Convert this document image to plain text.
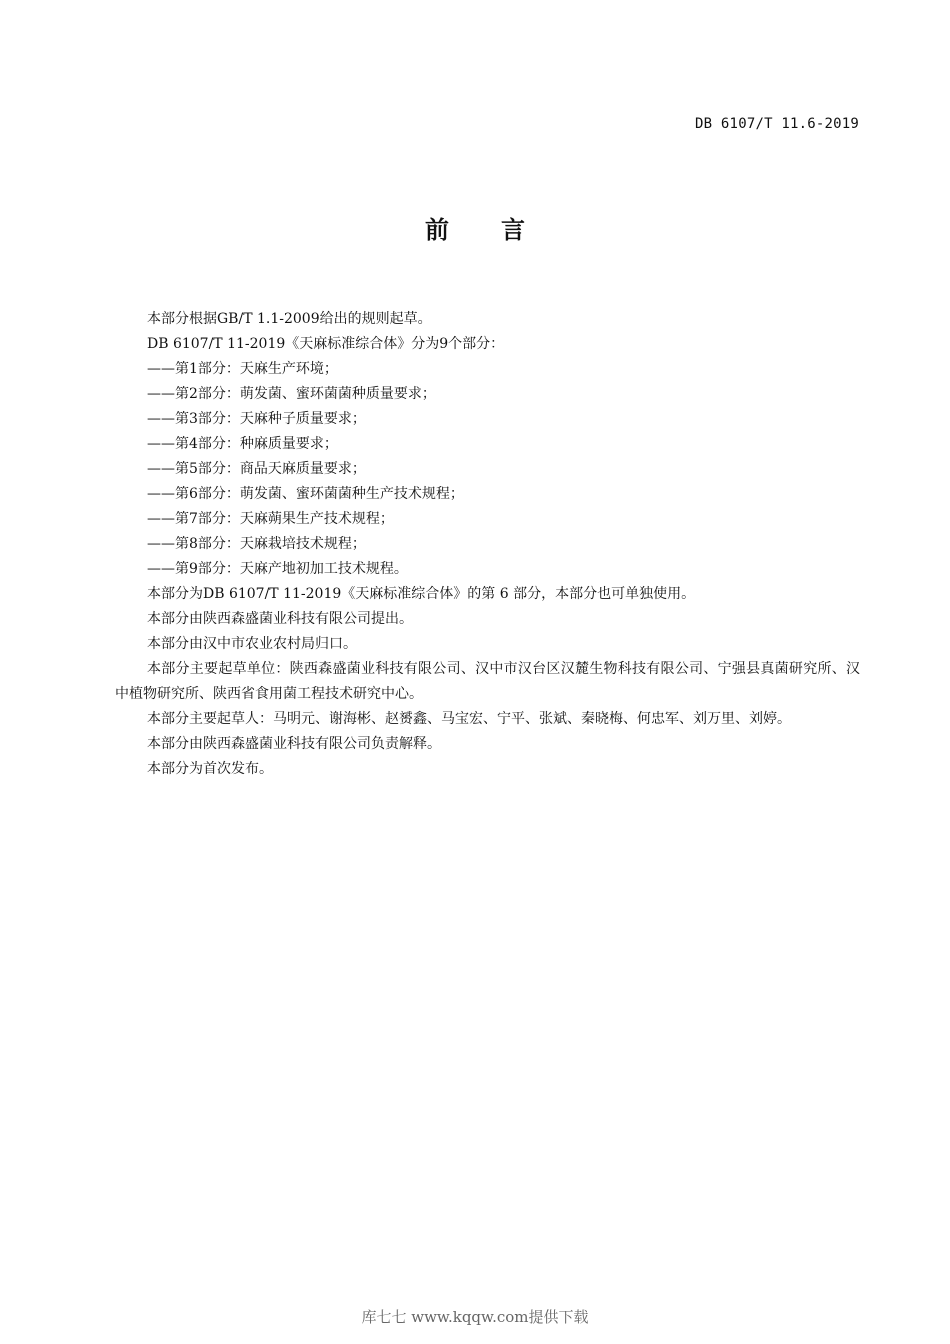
DB 6107/T 11.6-2019
前言

本部分根据GB/T 1.1-2009给出的规则起草。

DB 6107/T 11-2019《天麻标准综合体》分为9个部分：

——第1部分：天麻生产环境；
——第2部分：萌发菌、蜜环菌菌种质量要求；
——第3部分：天麻种子质量要求；
——第4部分：种麻质量要求；
——第5部分：商品天麻质量要求；
——第6部分：萌发菌、蜜环菌菌种生产技术规程；
——第7部分：天麻蒴果生产技术规程；
——第8部分：天麻栽培技术规程；
——第9部分：天麻产地初加工技术规程。

本部分为DB 6107/T 11-2019《天麻标准综合体》的第 6 部分，本部分也可单独使用。

本部分由陕西森盛菌业科技有限公司提出。

本部分由汉中市农业农村局归口。

本部分主要起草单位：陕西森盛菌业科技有限公司、汉中市汉台区汉麓生物科技有限公司、宁强县真菌研究所、汉中植物研究所、陕西省食用菌工程技术研究中心。

本部分主要起草人：马明元、谢海彬、赵赟鑫、马宝宏、宁平、张斌、秦晓梅、何忠军、刘万里、刘婷。

本部分由陕西森盛菌业科技有限公司负责解释。

本部分为首次发布。

库七七 www.kqqw.com提供下载
